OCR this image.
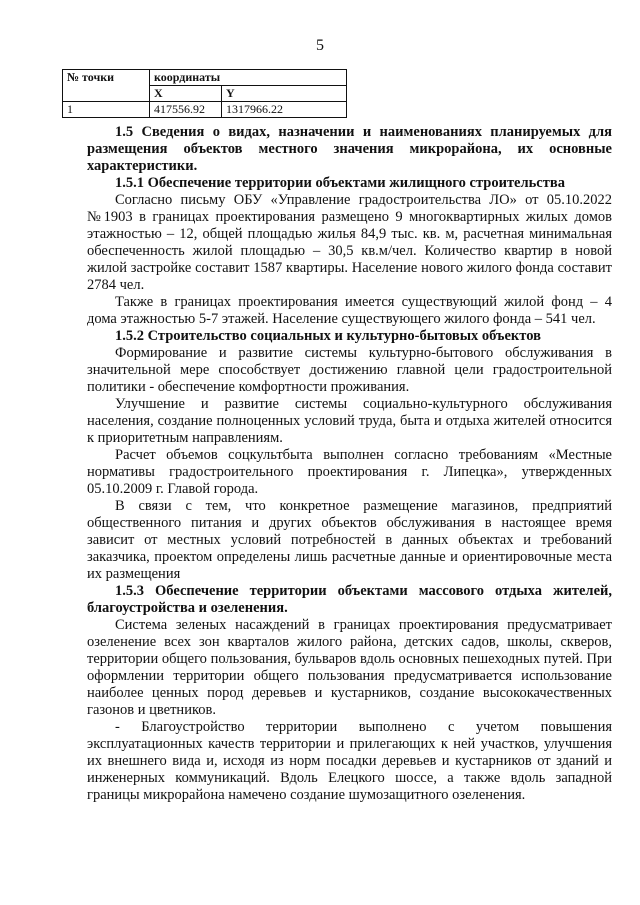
5
№ точки	координаты	
	X	Y
1	417556.92	1317966.22

1.5 Сведения о видах, назначении и наименованиях планируемых для размещения объектов местного значения микрорайона, их основные характеристики.

1.5.1 Обеспечение территории объектами жилищного строительства

Согласно письму ОБУ «Управление градостроительства ЛО» от 05.10.2022 №1903 в границах проектирования размещено 9 многоквартирных жилых домов этажностью – 12, общей площадью жилья 84,9 тыс. кв. м, расчетная минимальная обеспеченность жилой площадью – 30,5 кв.м/чел. Количество квартир в новой жилой застройке составит 1587 квартиры. Население нового жилого фонда составит 2784 чел.

Также в границах проектирования имеется существующий жилой фонд – 4 дома этажностью 5-7 этажей. Население существующего жилого фонда – 541 чел.

1.5.2 Строительство социальных и культурно-бытовых объектов

Формирование и развитие системы культурно-бытового обслуживания в значительной мере способствует достижению главной цели градостроительной политики - обеспечение комфортности проживания.

Улучшение и развитие системы социально-культурного обслуживания населения, создание полноценных условий труда, быта и отдыха жителей относится к приоритетным направлениям.

Расчет объемов соцкультбыта выполнен согласно требованиям «Местные нормативы градостроительного проектирования г. Липецка», утвержденных 05.10.2009 г. Главой города.

В связи с тем, что конкретное размещение магазинов, предприятий общественного питания и других объектов обслуживания в настоящее время зависит от местных условий потребностей в данных объектах и требований заказчика, проектом определены лишь расчетные данные и ориентировочные места их размещения

1.5.3 Обеспечение территории объектами массового отдыха жителей, благоустройства и озеленения.

Система зеленых насаждений в границах проектирования предусматривает озеленение всех зон кварталов жилого района, детских садов, школы, скверов, территории общего пользования, бульваров вдоль основных пешеходных путей. При оформлении территории общего пользования предусматривается использование наиболее ценных пород деревьев и кустарников, создание высококачественных газонов и цветников.

- Благоустройство территории выполнено с учетом повышения эксплуатационных качеств территории и прилегающих к ней участков, улучшения их внешнего вида и, исходя из норм посадки деревьев и кустарников от зданий и инженерных коммуникаций. Вдоль Елецкого шоссе, а также вдоль западной границы микрорайона намечено создание шумозащитного озеленения.
